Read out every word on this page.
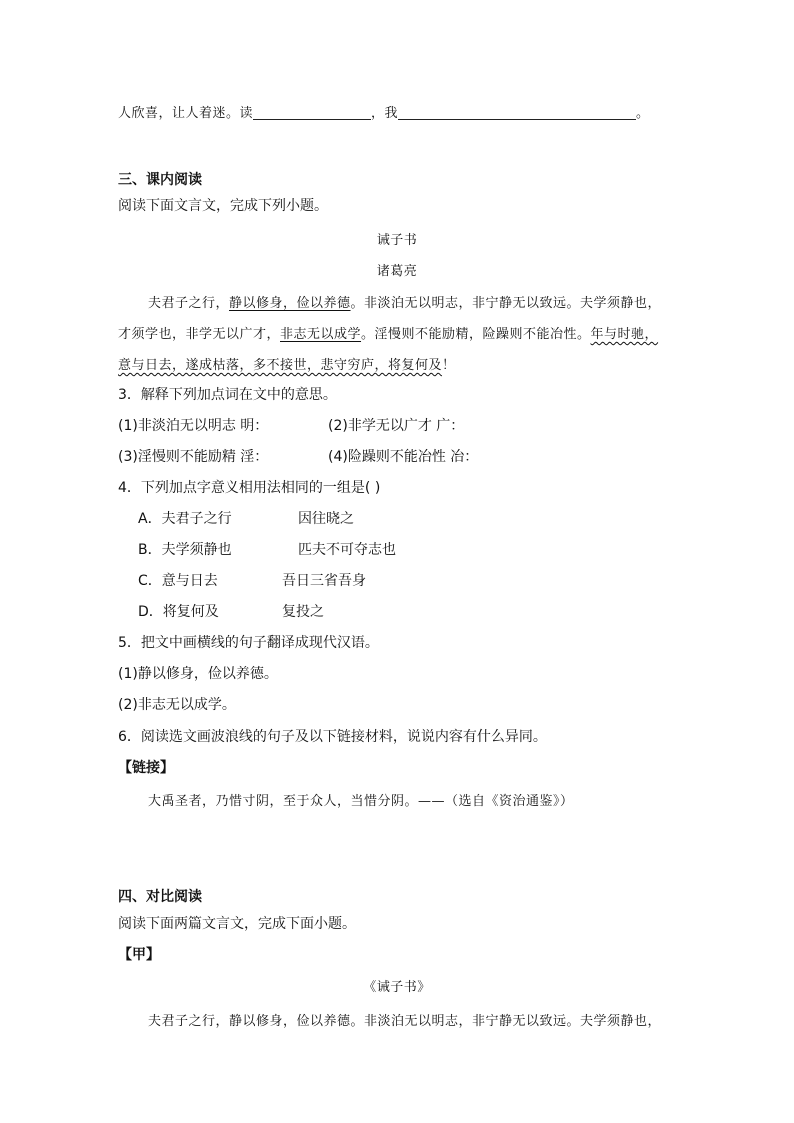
人欣喜，让人着迷。读	，我	。
三、课内阅读
阅读下面文言文，完成下列小题。
诫子书
诸葛亮
夫君子之行，静以修身，俭以养德。非淡泊无以明志，非宁静无以致远。夫学须静也，
才须学也，非学无以广才，非志无以成学。淫慢则不能励精，险躁则不能冶性。年与时驰，
意与日去，遂成枯落，多不接世，悲守穷庐，将复何及！
3．解释下列加点词在文中的意思。
(1)非淡泊无以明志 明：	(2)非学无以广才 广：
(3)淫慢则不能励精 淫：	(4)险躁则不能冶性 冶：
4．下列加点字意义相用法相同的一组是( )
A．夫君子之行	因往晓之
B．夫学须静也	匹夫不可夺志也
C．意与日去	吾日三省吾身
D．将复何及	复投之
5．把文中画横线的句子翻译成现代汉语。
(1)静以修身，俭以养德。
(2)非志无以成学。
6．阅读选文画波浪线的句子及以下链接材料，说说内容有什么异同。
【链接】
大禹圣者，乃惜寸阴，至于众人，当惜分阴。——（选自《资治通鉴》）
四、对比阅读
阅读下面两篇文言文，完成下面小题。
【甲】
《诫子书》
夫君子之行，静以修身，俭以养德。非淡泊无以明志，非宁静无以致远。夫学须静也，
